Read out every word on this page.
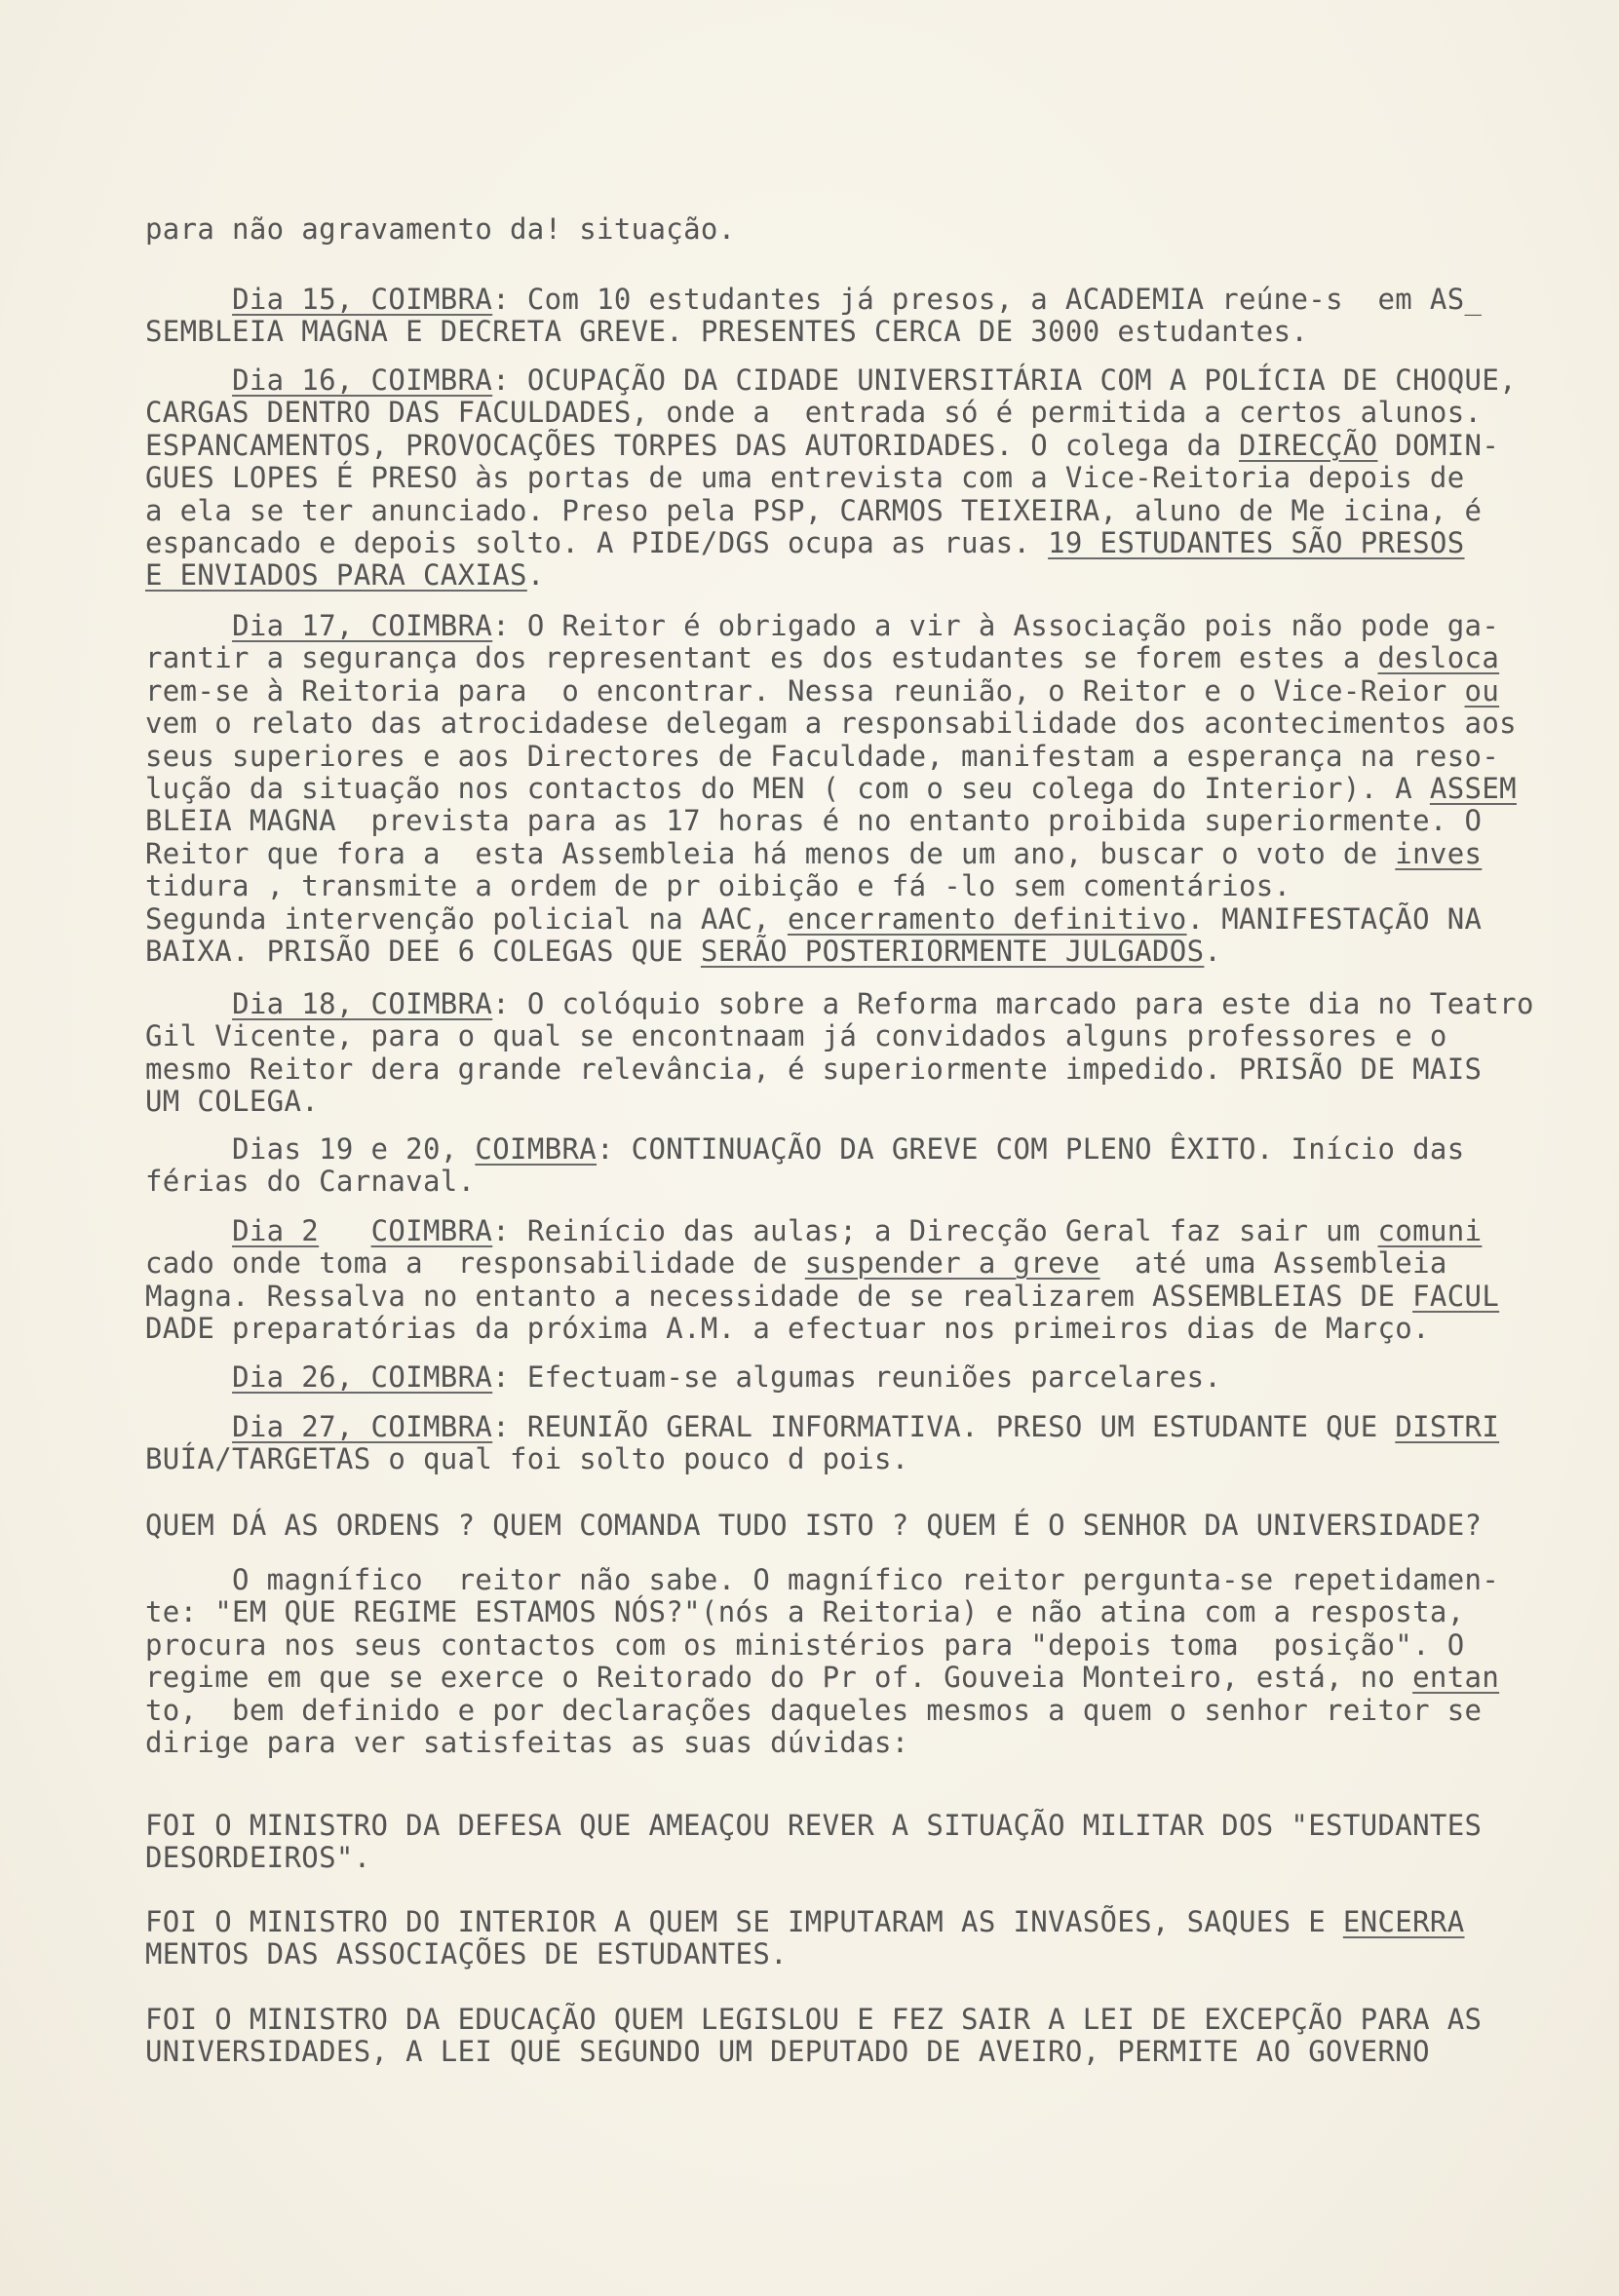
para não agravamento da! situação.
Dia 15, COIMBRA: Com 10 estudantes já presos, a ACADEMIA reúne-s  em AS_
SEMBLEIA MAGNA E DECRETA GREVE. PRESENTES CERCA DE 3000 estudantes.
Dia 16, COIMBRA: OCUPAÇÃO DA CIDADE UNIVERSITÁRIA COM A POLÍCIA DE CHOQUE,
CARGAS DENTRO DAS FACULDADES, onde a  entrada só é permitida a certos alunos.
ESPANCAMENTOS, PROVOCAÇÕES TORPES DAS AUTORIDADES. O colega da DIRECÇÃO DOMIN-
GUES LOPES É PRESO às portas de uma entrevista com a Vice-Reitoria depois de
a ela se ter anunciado. Preso pela PSP, CARMOS TEIXEIRA, aluno de Me icina, é
espancado e depois solto. A PIDE/DGS ocupa as ruas. 19 ESTUDANTES SÃO PRESOS
E ENVIADOS PARA CAXIAS.
Dia 17, COIMBRA: O Reitor é obrigado a vir à Associação pois não pode ga-
rantir a segurança dos representant es dos estudantes se forem estes a desloca
rem-se à Reitoria para  o encontrar. Nessa reunião, o Reitor e o Vice-Reior ou
vem o relato das atrocidadese delegam a responsabilidade dos acontecimentos aos
seus superiores e aos Directores de Faculdade, manifestam a esperança na reso-
lução da situação nos contactos do MEN ( com o seu colega do Interior). A ASSEM
BLEIA MAGNA  prevista para as 17 horas é no entanto proibida superiormente. O
Reitor que fora a  esta Assembleia há menos de um ano, buscar o voto de inves
tidura , transmite a ordem de pr oibição e fá -lo sem comentários.
Segunda intervenção policial na AAC, encerramento definitivo. MANIFESTAÇÃO NA
BAIXA. PRISÃO DEE 6 COLEGAS QUE SERÃO POSTERIORMENTE JULGADOS.
Dia 18, COIMBRA: O colóquio sobre a Reforma marcado para este dia no Teatro
Gil Vicente, para o qual se encontnaam já convidados alguns professores e o
mesmo Reitor dera grande relevância, é superiormente impedido. PRISÃO DE MAIS
UM COLEGA.
Dias 19 e 20, COIMBRA: CONTINUAÇÃO DA GREVE COM PLENO ÊXITO. Início das
férias do Carnaval.
Dia 2 COIMBRA: Reinício das aulas; a Direcção Geral faz sair um comuni
cado onde toma a  responsabilidade de suspender a greve  até uma Assembleia
Magna. Ressalva no entanto a necessidade de se realizarem ASSEMBLEIAS DE FACUL
DADE preparatórias da próxima A.M. a efectuar nos primeiros dias de Março.
Dia 26, COIMBRA: Efectuam-se algumas reuniões parcelares.
Dia 27, COIMBRA: REUNIÃO GERAL INFORMATIVA. PRESO UM ESTUDANTE QUE DISTRI
BUÍA/TARGETAS o qual foi solto pouco d pois.
QUEM DÁ AS ORDENS ? QUEM COMANDA TUDO ISTO ? QUEM É O SENHOR DA UNIVERSIDADE?
O magnífico  reitor não sabe. O magnífico reitor pergunta-se repetidamen-
te: "EM QUE REGIME ESTAMOS NÓS?"(nós a Reitoria) e não atina com a resposta,
procura nos seus contactos com os ministérios para "depois toma  posição". O
regime em que se exerce o Reitorado do Pr of. Gouveia Monteiro, está, no entan
to,  bem definido e por declarações daqueles mesmos a quem o senhor reitor se
dirige para ver satisfeitas as suas dúvidas:
FOI O MINISTRO DA DEFESA QUE AMEAÇOU REVER A SITUAÇÃO MILITAR DOS "ESTUDANTES
DESORDEIROS".
FOI O MINISTRO DO INTERIOR A QUEM SE IMPUTARAM AS INVASÕES, SAQUES E ENCERRA
MENTOS DAS ASSOCIAÇÕES DE ESTUDANTES.
FOI O MINISTRO DA EDUCAÇÃO QUEM LEGISLOU E FEZ SAIR A LEI DE EXCEPÇÃO PARA AS
UNIVERSIDADES, A LEI QUE SEGUNDO UM DEPUTADO DE AVEIRO, PERMITE AO GOVERNO
